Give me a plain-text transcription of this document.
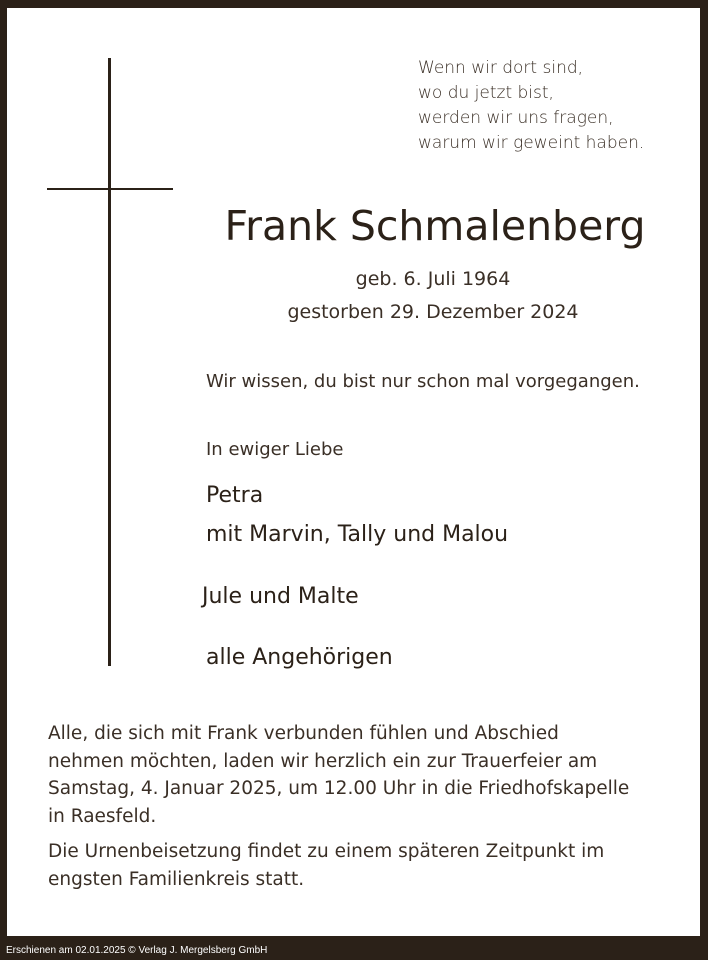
Wenn wir dort sind,
wo du jetzt bist,
werden wir uns fragen,
warum wir geweint haben.
Frank Schmalenberg
geb. 6. Juli 1964
gestorben 29. Dezember 2024
Wir wissen, du bist nur schon mal vorgegangen.
In ewiger Liebe
Petra
mit Marvin, Tally und Malou
Jule und Malte
alle Angehörigen
Alle, die sich mit Frank verbunden fühlen und Abschied
nehmen möchten, laden wir herzlich ein zur Trauerfeier am
Samstag, 4. Januar 2025, um 12.00 Uhr in die Friedhofskapelle
in Raesfeld.
Die Urnenbeisetzung findet zu einem späteren Zeitpunkt im
engsten Familienkreis statt.
Erschienen am 02.01.2025 © Verlag J. Mergelsberg GmbH
